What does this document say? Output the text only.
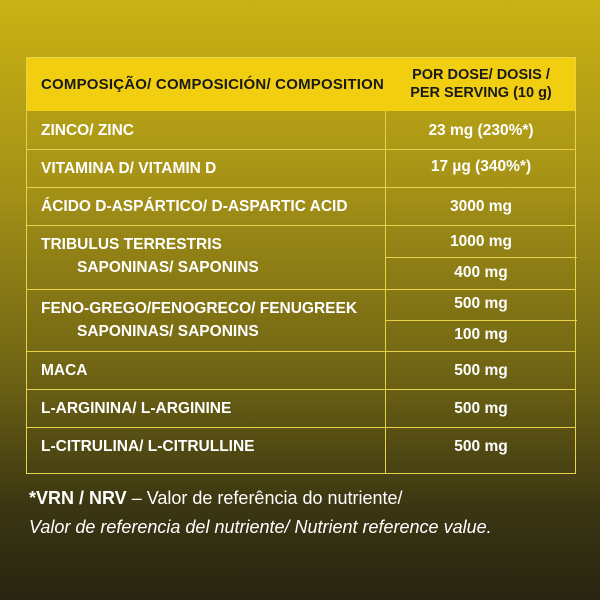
COMPOSIÇÃO/ COMPOSICIÓN/ COMPOSITION
POR DOSE/ DOSIS /
PER SERVING (10 g)
ZINCO/ ZINC	23 mg (230%*)
VITAMINA D/ VITAMIN D	17 µg (340%*)
ÁCIDO D-ASPÁRTICO/ D-ASPARTIC ACID	3000 mg
TRIBULUS TERRESTRIS	1000 mg
SAPONINAS/ SAPONINS	400 mg
FENO-GREGO/FENOGRECO/ FENUGREEK	500 mg
SAPONINAS/ SAPONINS	100 mg
MACA	500 mg
L-ARGININA/ L-ARGININE	500 mg
L-CITRULINA/ L-CITRULLINE	500 mg
*VRN / NRV – Valor de referência do nutriente/
Valor de referencia del nutriente/ Nutrient reference value.
